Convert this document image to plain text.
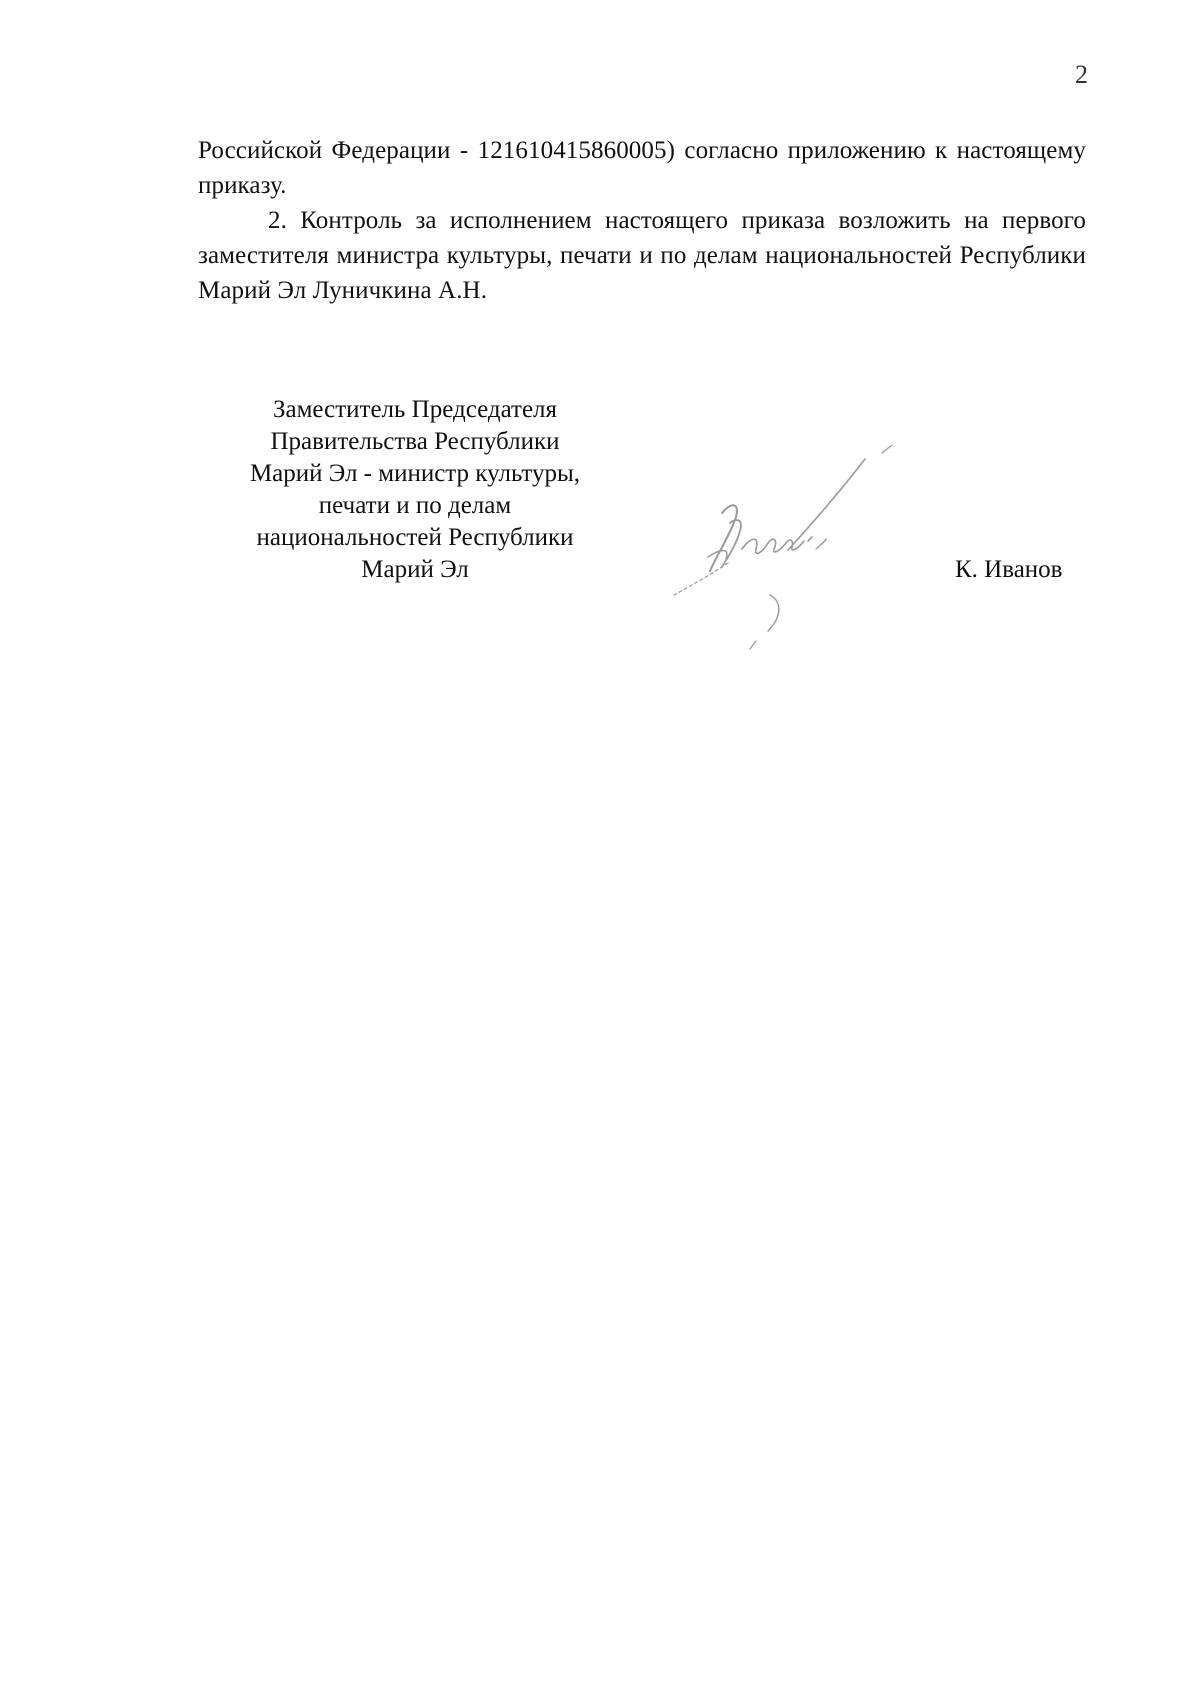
2

Российской Федерации - 121610415860005) согласно приложению к настоящему приказу.

2. Контроль за исполнением настоящего приказа возложить на первого заместителя министра культуры, печати и по делам национальностей Республики Марий Эл Луничкина А.Н.

Заместитель Председателя
Правительства Республики
Марий Эл - министр культуры,
печати и по делам
национальностей Республики
Марий Эл	К. Иванов
